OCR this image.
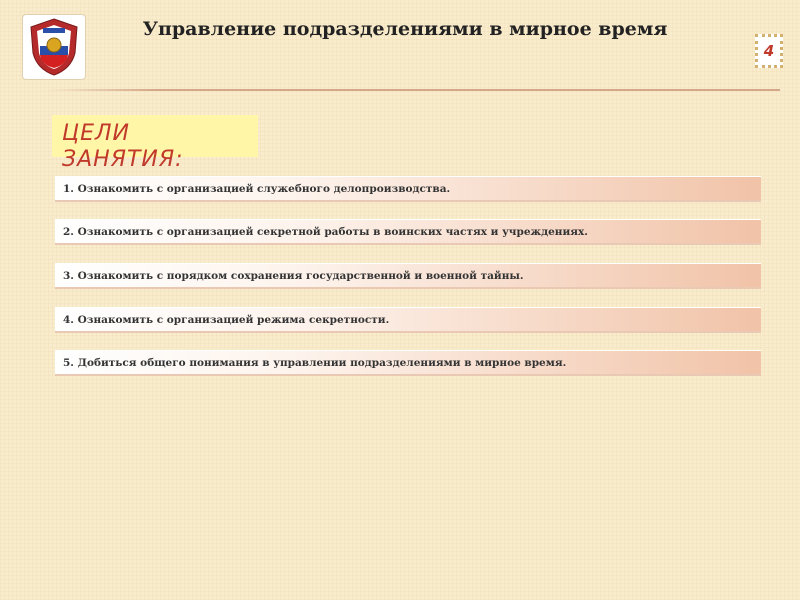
Управление подразделениями в мирное время
4
ЦЕЛИ
ЗАНЯТИЯ:
1. Ознакомить с организацией служебного делопроизводства.
2. Ознакомить с организацией секретной работы в воинских частях и учреждениях.
3. Ознакомить с порядком сохранения государственной и военной тайны.
4. Ознакомить с организацией режима секретности.
5. Добиться общего понимания в управлении подразделениями в мирное время.
